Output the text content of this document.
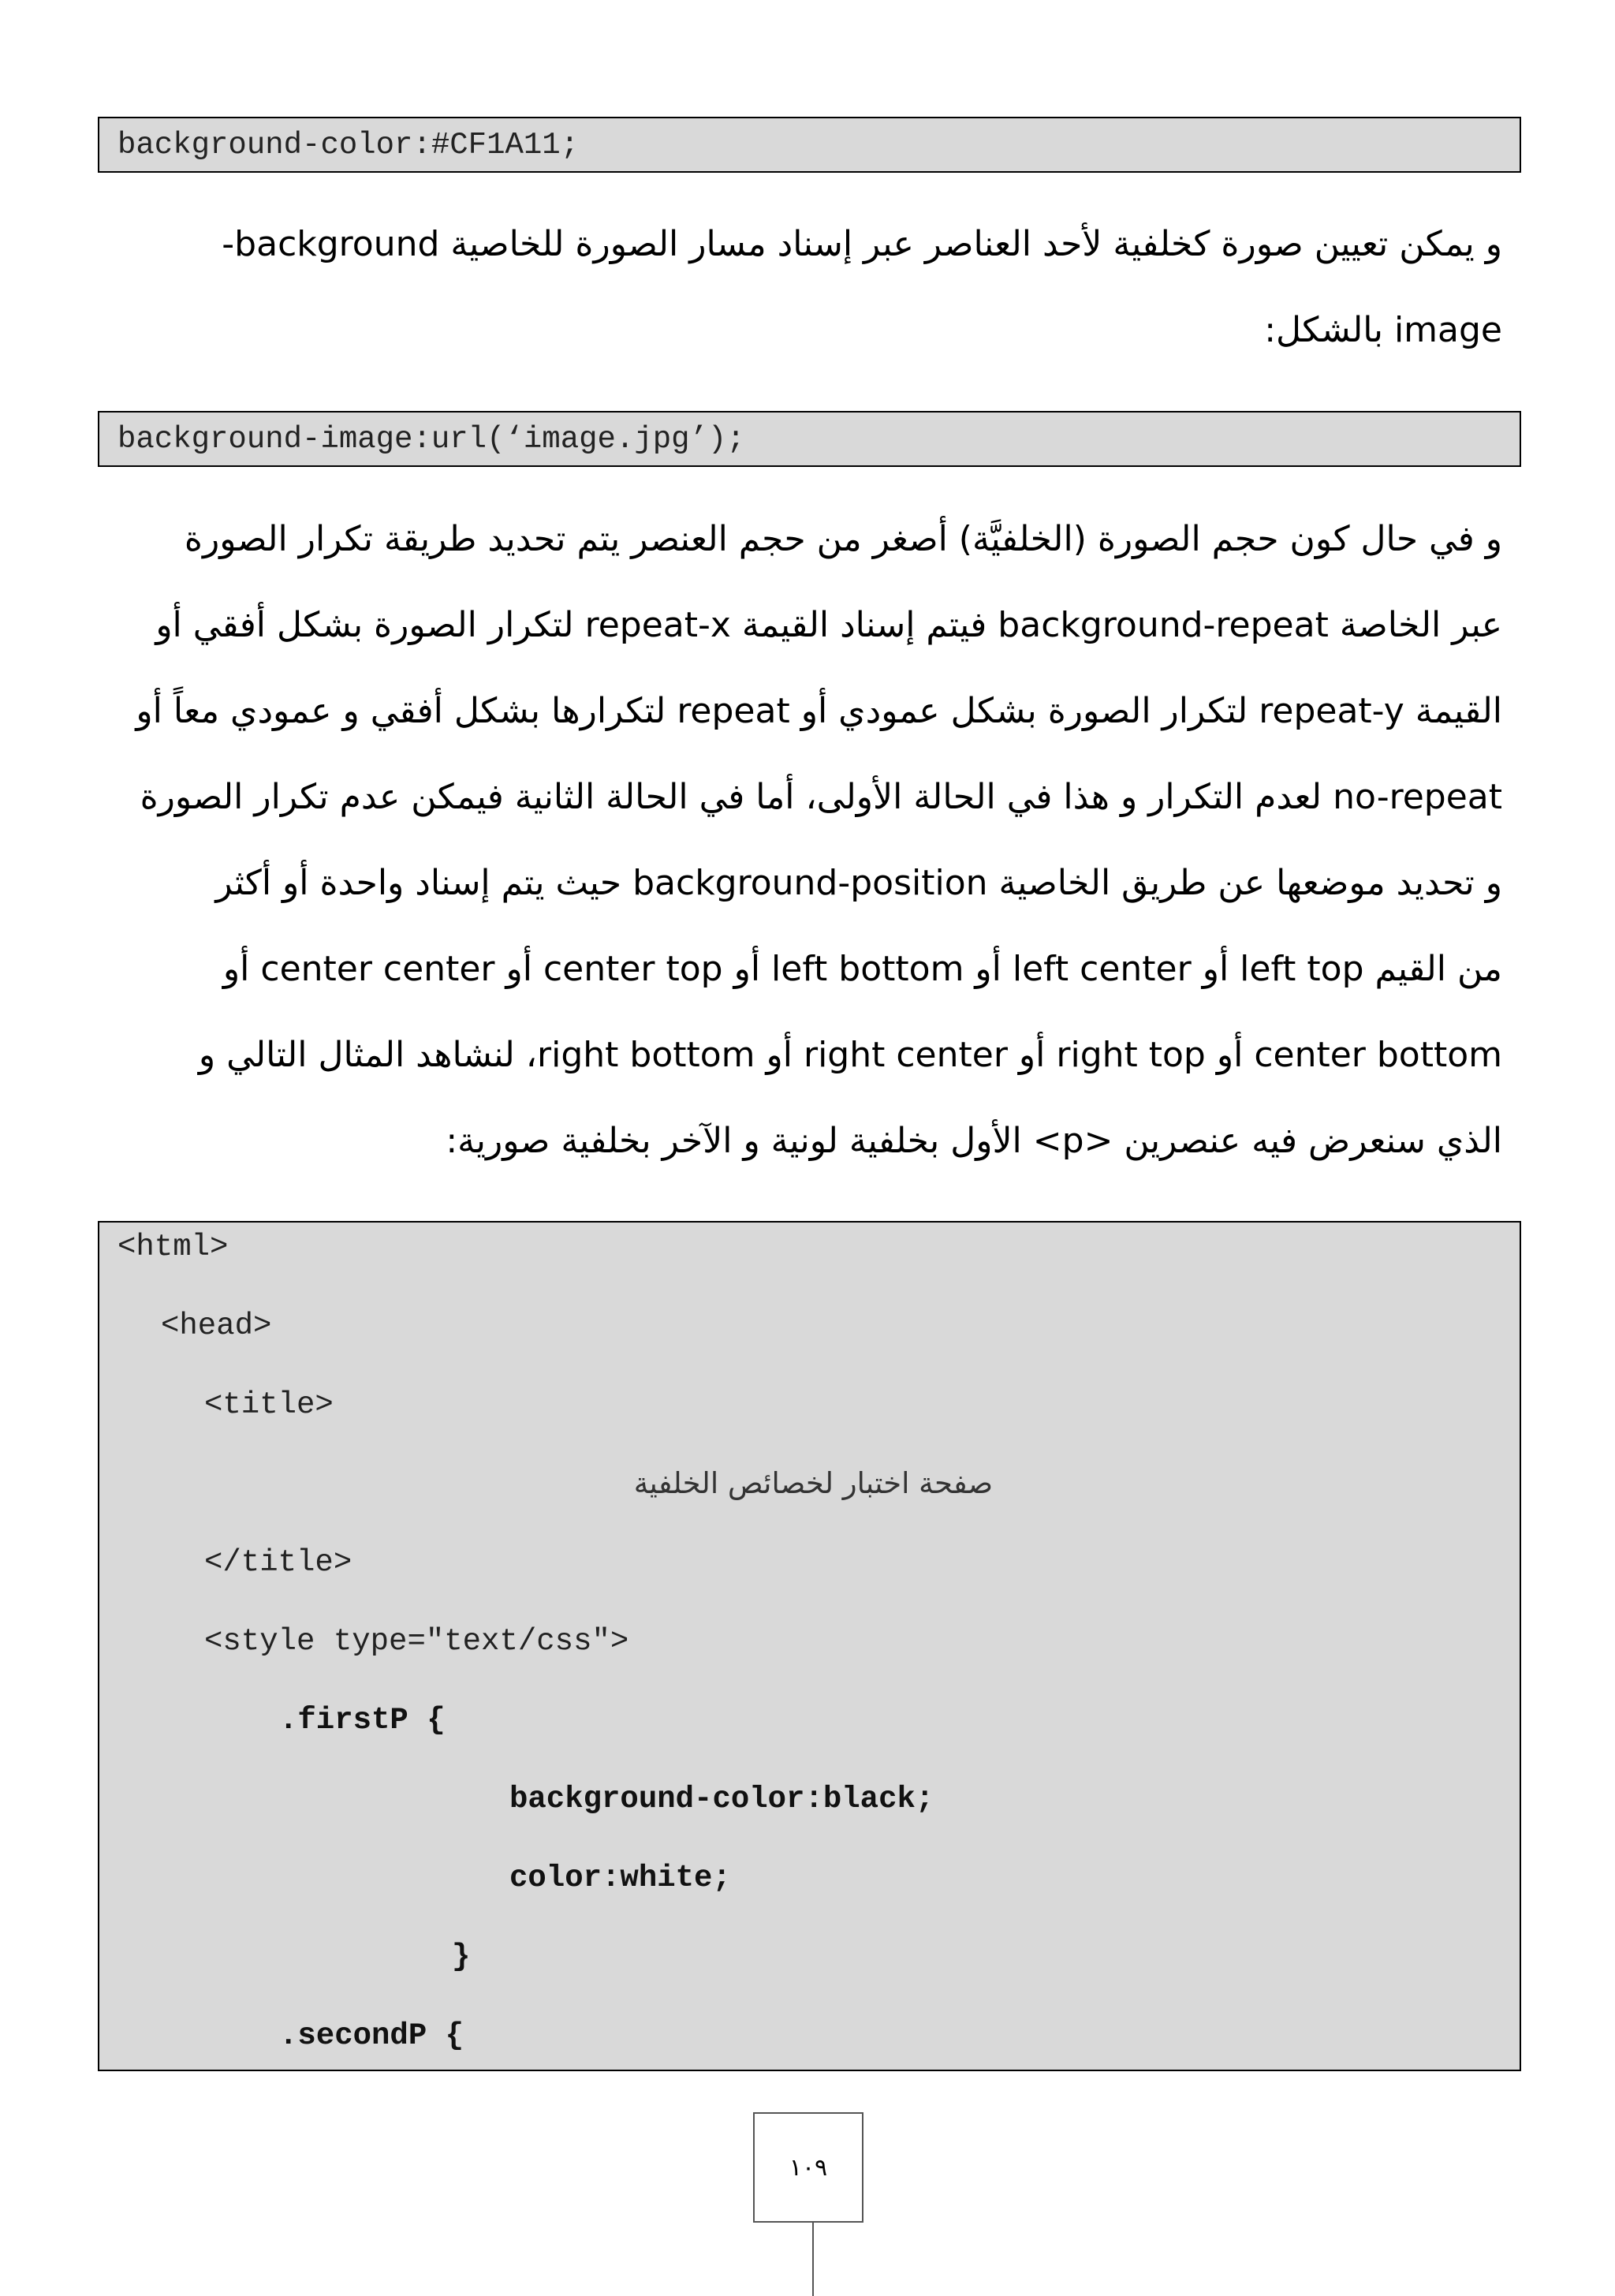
background-color:#CF1A11;
و يمكن تعيين صورة كخلفية لأحد العناصر عبر إسناد مسار الصورة للخاصية background-
image بالشكل:
background-image:url(‘image.jpg’);
و في حال كون حجم الصورة (الخلفيَّة) أصغر من حجم العنصر يتم تحديد طريقة تكرار الصورة
عبر الخاصة background-repeat فيتم إسناد القيمة repeat-x لتكرار الصورة بشكل أفقي أو
القيمة repeat-y لتكرار الصورة بشكل عمودي أو repeat لتكرارها بشكل أفقي و عمودي معاً أو
no-repeat لعدم التكرار و هذا في الحالة الأولى، أما في الحالة الثانية فيمكن عدم تكرار الصورة
و تحديد موضعها عن طريق الخاصية background-position حيث يتم إسناد واحدة أو أكثر
من القيم left top أو left center أو left bottom أو center top أو center center أو
center bottom أو right top أو right center أو right bottom، لنشاهد المثال التالي و
الذي سنعرض فيه عنصرين <p> الأول بخلفية لونية و الآخر بخلفية صورية:
<html>
<head>
<title>
صفحة اختبار لخصائص الخلفية
</title>
<style type="text/css">
.firstP {
background-color:black;
color:white;
}
.secondP {
١٠٩
